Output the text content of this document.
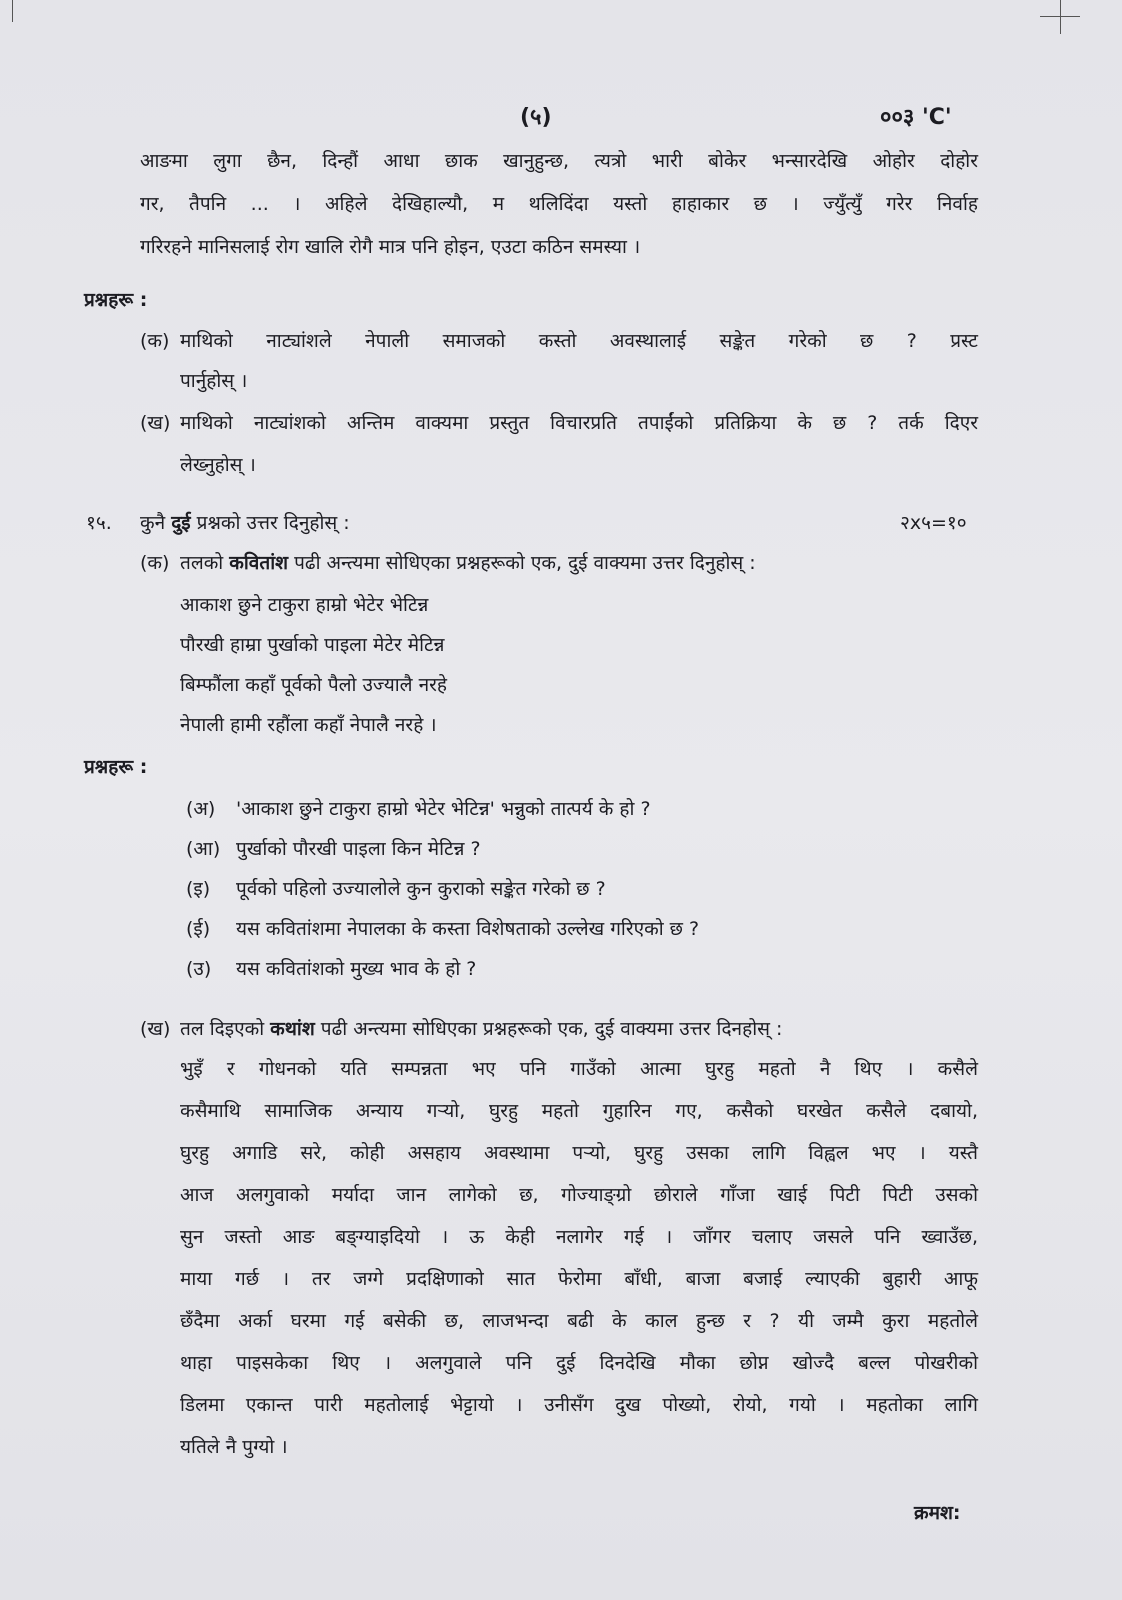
(५)	००३ 'C'
आङमा लुगा छैन, दिन्हौं आधा छाक खानुहुन्छ, त्यत्रो भारी बोकेर भन्सारदेखि ओहोर दोहोर
गर, तैपनि ... । अहिले देखिहाल्यौ, म थलिदिंदा यस्तो हाहाकार छ । ज्युँत्युँ गरेर निर्वाह
गरिरहने मानिसलाई रोग खालि रोगै मात्र पनि होइन, एउटा कठिन समस्या ।
प्रश्नहरू :
(क) माथिको नाट्यांशले नेपाली समाजको कस्तो अवस्थालाई सङ्केत गरेको छ ? प्रस्ट
पार्नुहोस् ।
(ख) माथिको नाट्यांशको अन्तिम वाक्यमा प्रस्तुत विचारप्रति तपाईंको प्रतिक्रिया के छ ? तर्क दिएर
लेख्नुहोस् ।
१५. कुनै दुई प्रश्नको उत्तर दिनुहोस् :	२x५=१०
(क) तलको कवितांश पढी अन्त्यमा सोधिएका प्रश्नहरूको एक, दुई वाक्यमा उत्तर दिनुहोस् :
आकाश छुने टाकुरा हाम्रो भेटेर भेटिन्न
पौरखी हाम्रा पुर्खाको पाइला मेटेर मेटिन्न
बिम्फौंला कहाँ पूर्वको पैलो उज्यालै नरहे
नेपाली हामी रहौंला कहाँ नेपालै नरहे ।
प्रश्नहरू :
(अ) 'आकाश छुने टाकुरा हाम्रो भेटेर भेटिन्न' भन्नुको तात्पर्य के हो ?
(आ) पुर्खाको पौरखी पाइला किन मेटिन्न ?
(इ) पूर्वको पहिलो उज्यालोले कुन कुराको सङ्केत गरेको छ ?
(ई) यस कवितांशमा नेपालका के कस्ता विशेषताको उल्लेख गरिएको छ ?
(उ) यस कवितांशको मुख्य भाव के हो ?
(ख) तल दिइएको कथांश पढी अन्त्यमा सोधिएका प्रश्नहरूको एक, दुई वाक्यमा उत्तर दिनहोस् :
भुइँ र गोधनको यति सम्पन्नता भए पनि गाउँको आत्मा घुरहु महतो नै थिए । कसैले
कसैमाथि सामाजिक अन्याय गऱ्यो, घुरहु महतो गुहारिन गए, कसैको घरखेत कसैले दबायो,
घुरहु अगाडि सरे, कोही असहाय अवस्थामा पऱ्यो, घुरहु उसका लागि विह्वल भए । यस्तै
आज अलगुवाको मर्यादा जान लागेको छ, गोज्याङ्ग्रो छोराले गाँजा खाई पिटी पिटी उसको
सुन जस्तो आङ बङ्ग्याइदियो । ऊ केही नलागेर गई । जाँगर चलाए जसले पनि ख्वाउँछ,
माया गर्छ । तर जग्गे प्रदक्षिणाको सात फेरोमा बाँधी, बाजा बजाई ल्याएकी बुहारी आफू
छँदैमा अर्का घरमा गई बसेकी छ, लाजभन्दा बढी के काल हुन्छ र ? यी जम्मै कुरा महतोले
थाहा पाइसकेका थिए । अलगुवाले पनि दुई दिनदेखि मौका छोप्न खोज्दै बल्ल पोखरीको
डिलमा एकान्त पारी महतोलाई भेट्टायो । उनीसँग दुख पोख्यो, रोयो, गयो । महतोका लागि
यतिले नै पुग्यो ।
क्रमश:
